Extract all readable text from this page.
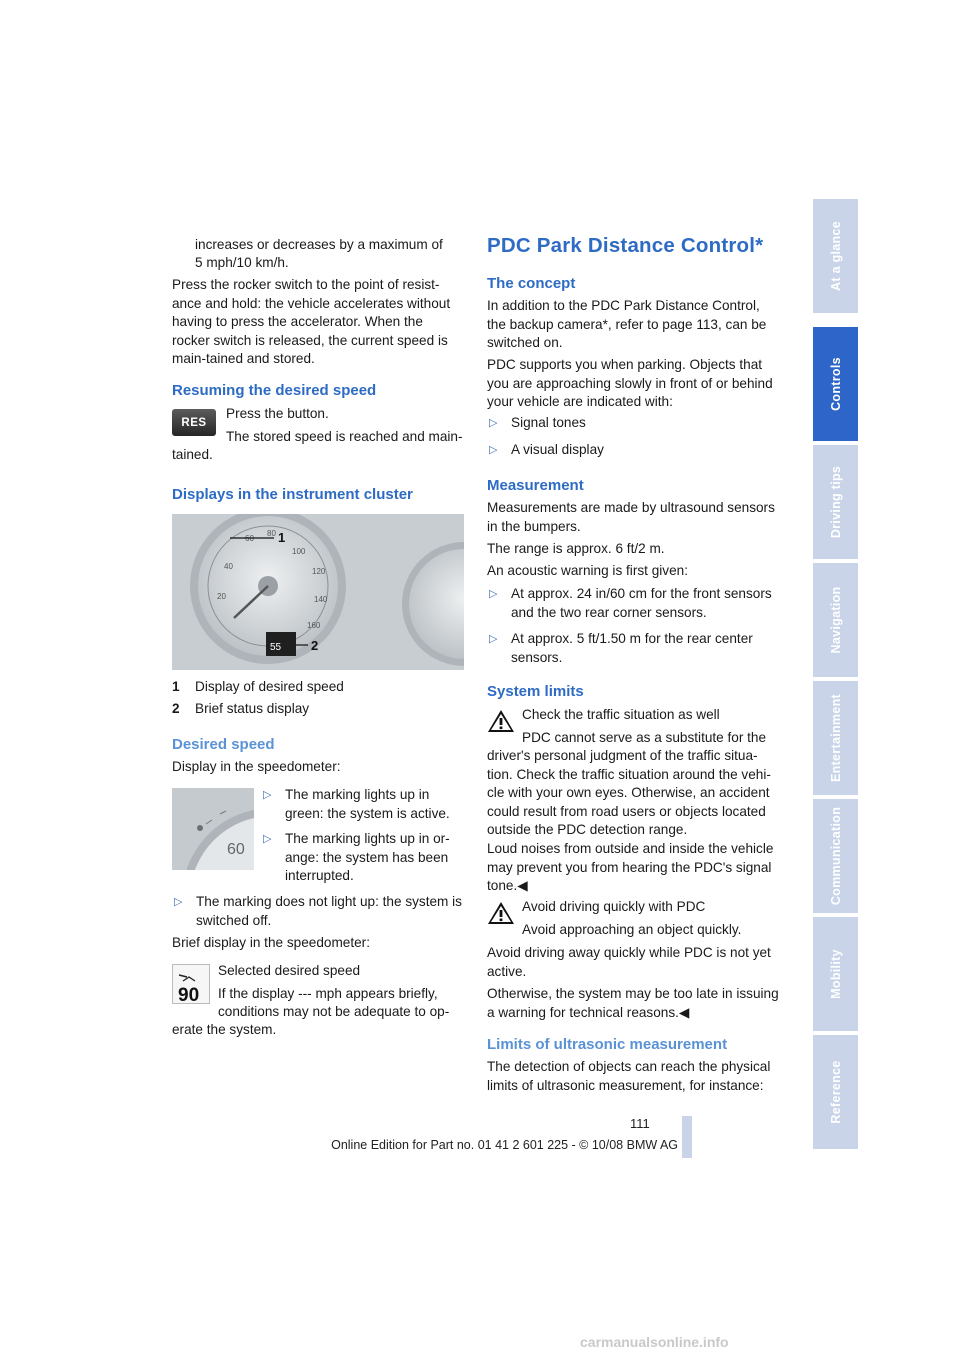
increases or decreases by a maximum of

5 mph/10 km/h.

Press the rocker switch to the point of resist-ance and hold: the vehicle accelerates without having to press the accelerator. When the rocker switch is released, the current speed is main-tained and stored.

Resuming the desired speed
RES

Press the button.

The stored speed is reached and main-

tained.

Displays in the instrument cluster
60
80
100
40
120
20	140
160
55
1
2

1 Display of desired speed

2 Brief status display

Desired speed

Display in the speedometer:

60
▷ The marking lights up in green: the system is active.
▷ The marking lights up in or-ange: the system has been interrupted.
▷ The marking does not light up: the system is switched off.

Brief display in the speedometer:

90

Selected desired speed

If the display --- mph appears briefly,

conditions may not be adequate to op-

erate the system.

PDC Park Distance Control*
The concept

In addition to the PDC Park Distance Control, the backup camera*, refer to page 113, can be switched on.

PDC supports you when parking. Objects that you are approaching slowly in front of or behind your vehicle are indicated with:

▷ Signal tones
▷ A visual display
Measurement

Measurements are made by ultrasound sensors in the bumpers.

The range is approx. 6 ft/2 m.

An acoustic warning is first given:

▷ At approx. 24 in/60 cm for the front sensors and the two rear corner sensors.
▷ At approx. 5 ft/1.50 m for the rear center sensors.
System limits

Check the traffic situation as well

PDC cannot serve as a substitute for the

driver's personal judgment of the traffic situa-tion. Check the traffic situation around the vehi-cle with your own eyes. Otherwise, an accident could result from road users or objects located outside the PDC detection range.

Loud noises from outside and inside the vehicle may prevent you from hearing the PDC's signal tone.◀

Avoid driving quickly with PDC

Avoid approaching an object quickly.

Avoid driving away quickly while PDC is not yet active.

Otherwise, the system may be too late in issuing a warning for technical reasons.◀

Limits of ultrasonic measurement

The detection of objects can reach the physical limits of ultrasonic measurement, for instance:

At a glance
Controls
Driving tips
Navigation
Entertainment
Communication
Mobility
Reference
111
Online Edition for Part no. 01 41 2 601 225 - © 10/08 BMW AG
carmanualsonline.info
